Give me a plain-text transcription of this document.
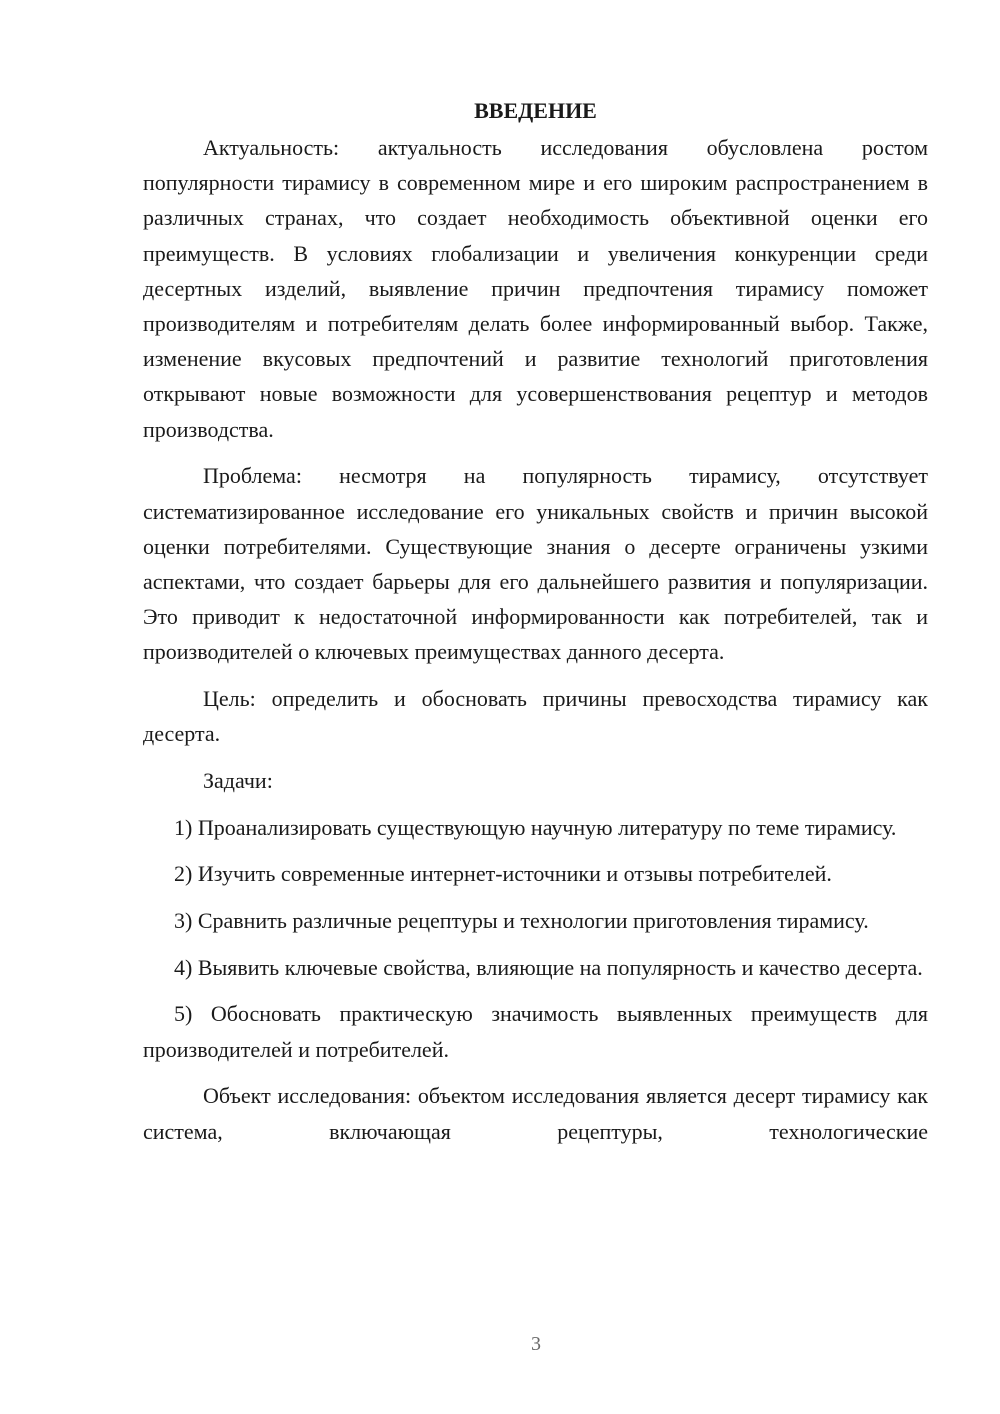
ВВЕДЕНИЕ

Актуальность: актуальность исследования обусловлена ростом популярности тирамису в современном мире и его широким распространением в различных странах, что создает необходимость объективной оценки его преимуществ. В условиях глобализации и увеличения конкуренции среди десертных изделий, выявление причин предпочтения тирамису поможет производителям и потребителям делать более информированный выбор. Также, изменение вкусовых предпочтений и развитие технологий приготовления открывают новые возможности для усовершенствования рецептур и методов производства.

Проблема: несмотря на популярность тирамису, отсутствует систематизированное исследование его уникальных свойств и причин высокой оценки потребителями. Существующие знания о десерте ограничены узкими аспектами, что создает барьеры для его дальнейшего развития и популяризации. Это приводит к недостаточной информированности как потребителей, так и производителей о ключевых преимуществах данного десерта.

Цель: определить и обосновать причины превосходства тирамису как десерта.

Задачи:

1) Проанализировать существующую научную литературу по теме тирамису.

2) Изучить современные интернет-источники и отзывы потребителей.

3) Сравнить различные рецептуры и технологии приготовления тирамису.

4) Выявить ключевые свойства, влияющие на популярность и качество десерта.

5) Обосновать практическую значимость выявленных преимуществ для производителей и потребителей.

Объект исследования: объектом исследования является десерт тирамису как система, включающая рецептуры, технологические

3
